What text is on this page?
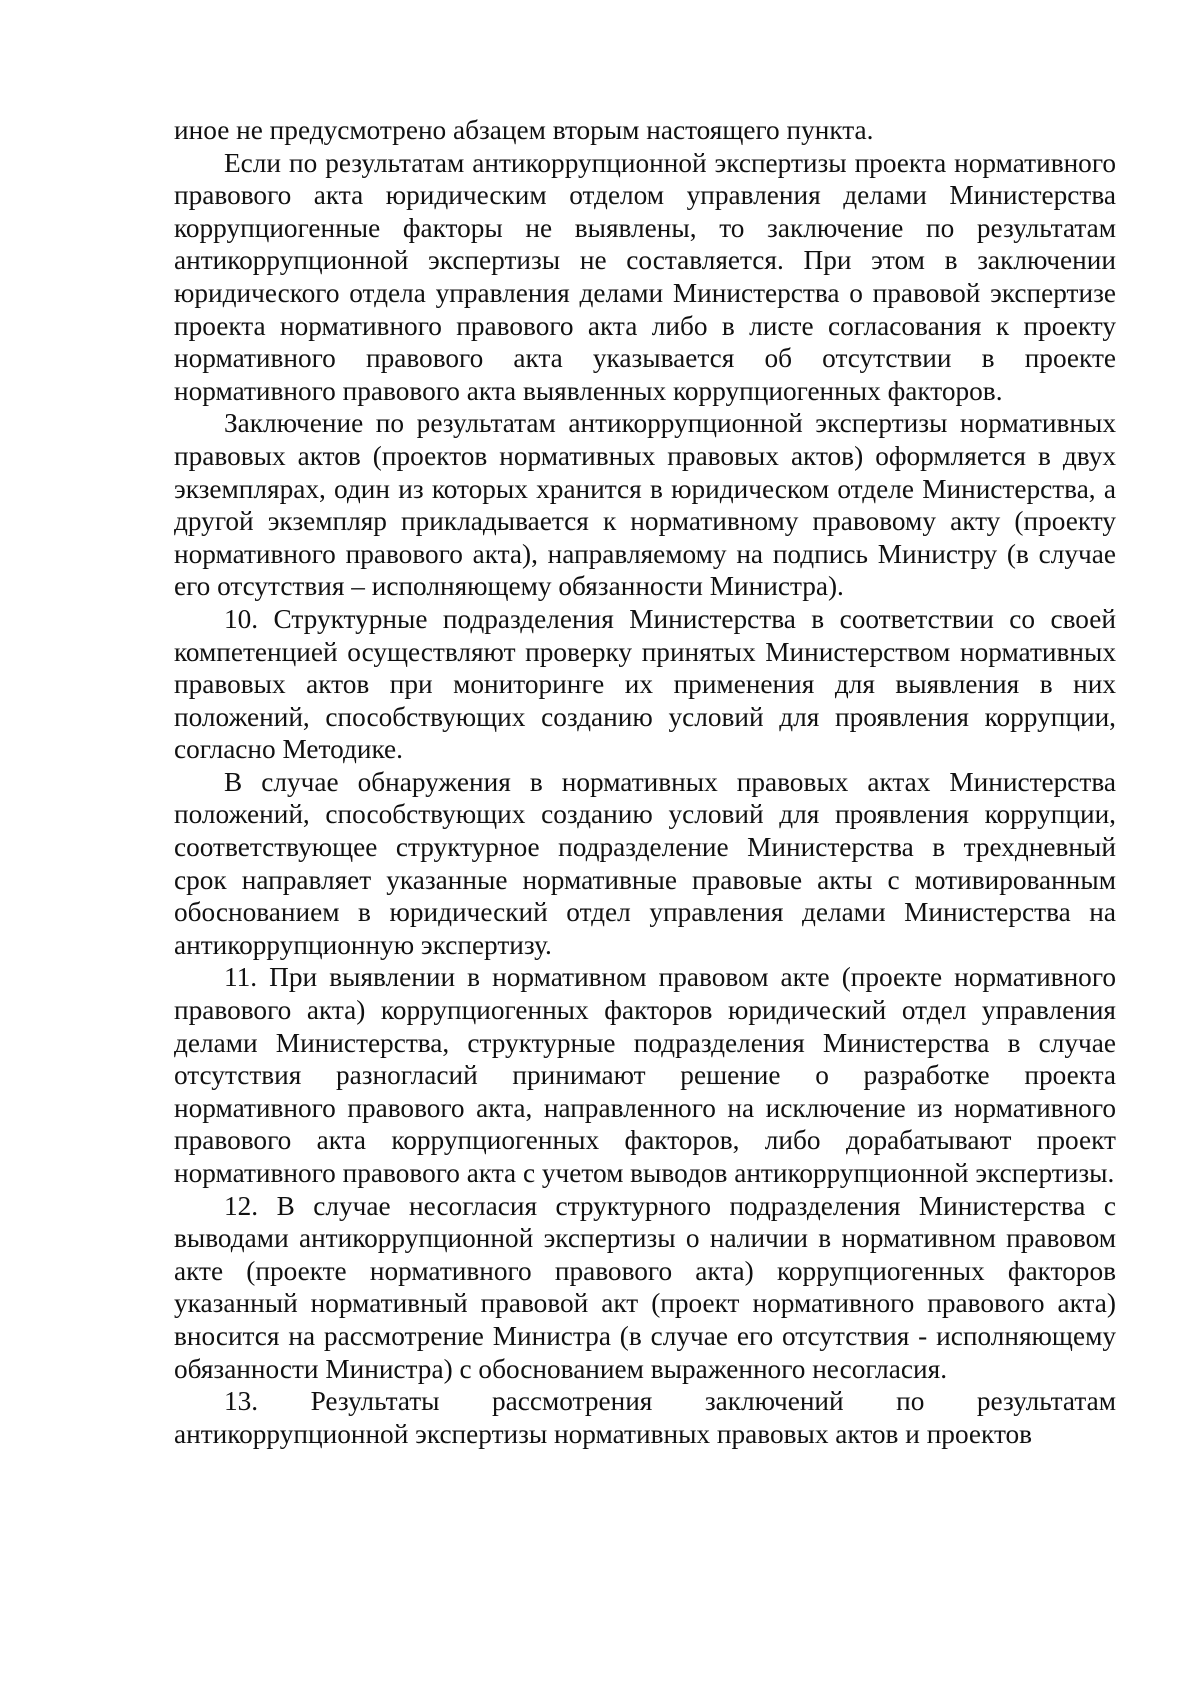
иное не предусмотрено абзацем вторым настоящего пункта.

Если по результатам антикоррупционной экспертизы проекта нормативного правового акта юридическим отделом управления делами Министерства коррупциогенные факторы не выявлены, то заключение по результатам антикоррупционной экспертизы не составляется. При этом в заключении юридического отдела управления делами Министерства о правовой экспертизе проекта нормативного правового акта либо в листе согласования к проекту нормативного правового акта указывается об отсутствии в проекте нормативного правового акта выявленных коррупциогенных факторов.

Заключение по результатам антикоррупционной экспертизы нормативных правовых актов (проектов нормативных правовых актов) оформляется в двух экземплярах, один из которых хранится в юридическом отделе Министерства, а другой экземпляр прикладывается к нормативному правовому акту (проекту нормативного правового акта), направляемому на подпись Министру (в случае его отсутствия – исполняющему обязанности Министра).

10. Структурные подразделения Министерства в соответствии со своей компетенцией осуществляют проверку принятых Министерством нормативных правовых актов при мониторинге их применения для выявления в них положений, способствующих созданию условий для проявления коррупции, согласно Методике.

В случае обнаружения в нормативных правовых актах Министерства положений, способствующих созданию условий для проявления коррупции, соответствующее структурное подразделение Министерства в трехдневный срок направляет указанные нормативные правовые акты с мотивированным обоснованием в юридический отдел управления делами Министерства на антикоррупционную экспертизу.

11. При выявлении в нормативном правовом акте (проекте нормативного правового акта) коррупциогенных факторов юридический отдел управления делами Министерства, структурные подразделения Министерства в случае отсутствия разногласий принимают решение о разработке проекта нормативного правового акта, направленного на исключение из нормативного правового акта коррупциогенных факторов, либо дорабатывают проект нормативного правового акта с учетом выводов антикоррупционной экспертизы.

12. В случае несогласия структурного подразделения Министерства с выводами антикоррупционной экспертизы о наличии в нормативном правовом акте (проекте нормативного правового акта) коррупциогенных факторов указанный нормативный правовой акт (проект нормативного правового акта) вносится на рассмотрение Министра (в случае его отсутствия - исполняющему обязанности Министра) с обоснованием выраженного несогласия.

13. Результаты рассмотрения заключений по результатам антикоррупционной экспертизы нормативных правовых актов и проектов
